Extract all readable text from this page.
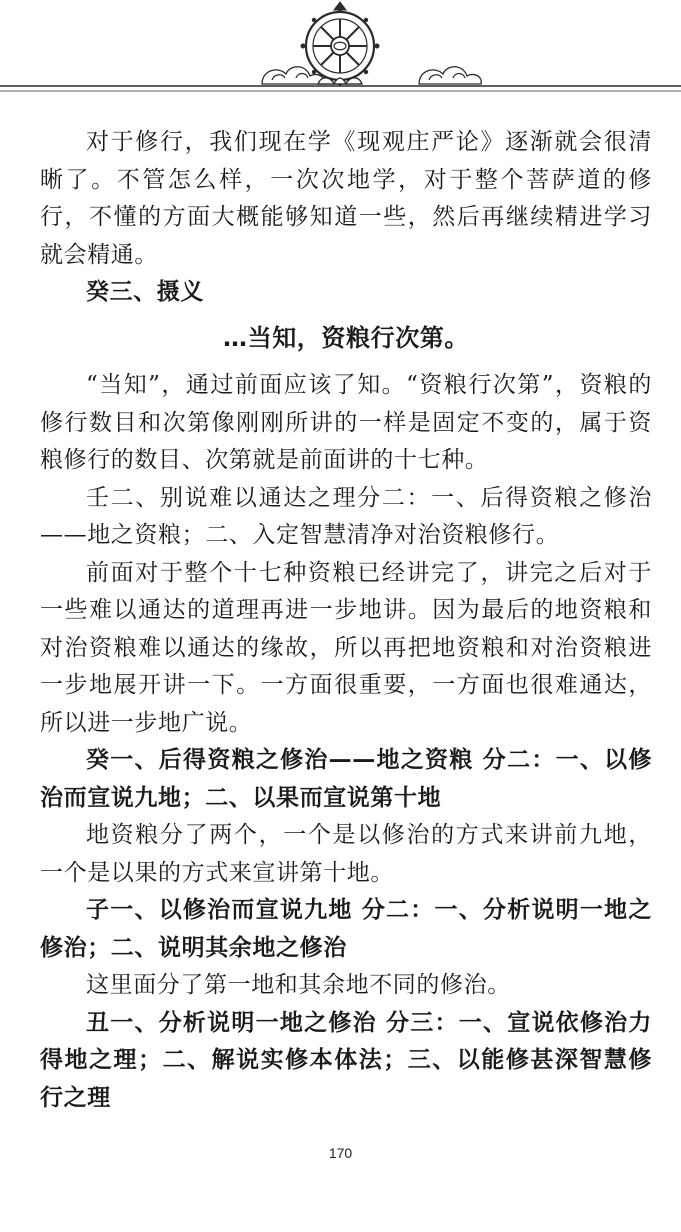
对于修行，我们现在学《现观庄严论》逐渐就会很清晰了。不管怎么样，一次次地学，对于整个菩萨道的修行，不懂的方面大概能够知道一些，然后再继续精进学习就会精通。

癸三、摄义

…当知，资粮行次第。

“当知”，通过前面应该了知。“资粮行次第”，资粮的修行数目和次第像刚刚所讲的一样是固定不变的，属于资粮修行的数目、次第就是前面讲的十七种。

壬二、别说难以通达之理分二：一、后得资粮之修治——地之资粮；二、入定智慧清净对治资粮修行。

前面对于整个十七种资粮已经讲完了，讲完之后对于一些难以通达的道理再进一步地讲。因为最后的地资粮和对治资粮难以通达的缘故，所以再把地资粮和对治资粮进一步地展开讲一下。一方面很重要，一方面也很难通达，所以进一步地广说。

癸一、后得资粮之修治——地之资粮 分二：一、以修治而宣说九地；二、以果而宣说第十地

地资粮分了两个，一个是以修治的方式来讲前九地，一个是以果的方式来宣讲第十地。

子一、以修治而宣说九地 分二：一、分析说明一地之修治；二、说明其余地之修治

这里面分了第一地和其余地不同的修治。

丑一、分析说明一地之修治 分三：一、宣说依修治力得地之理；二、解说实修本体法；三、以能修甚深智慧修行之理

170
